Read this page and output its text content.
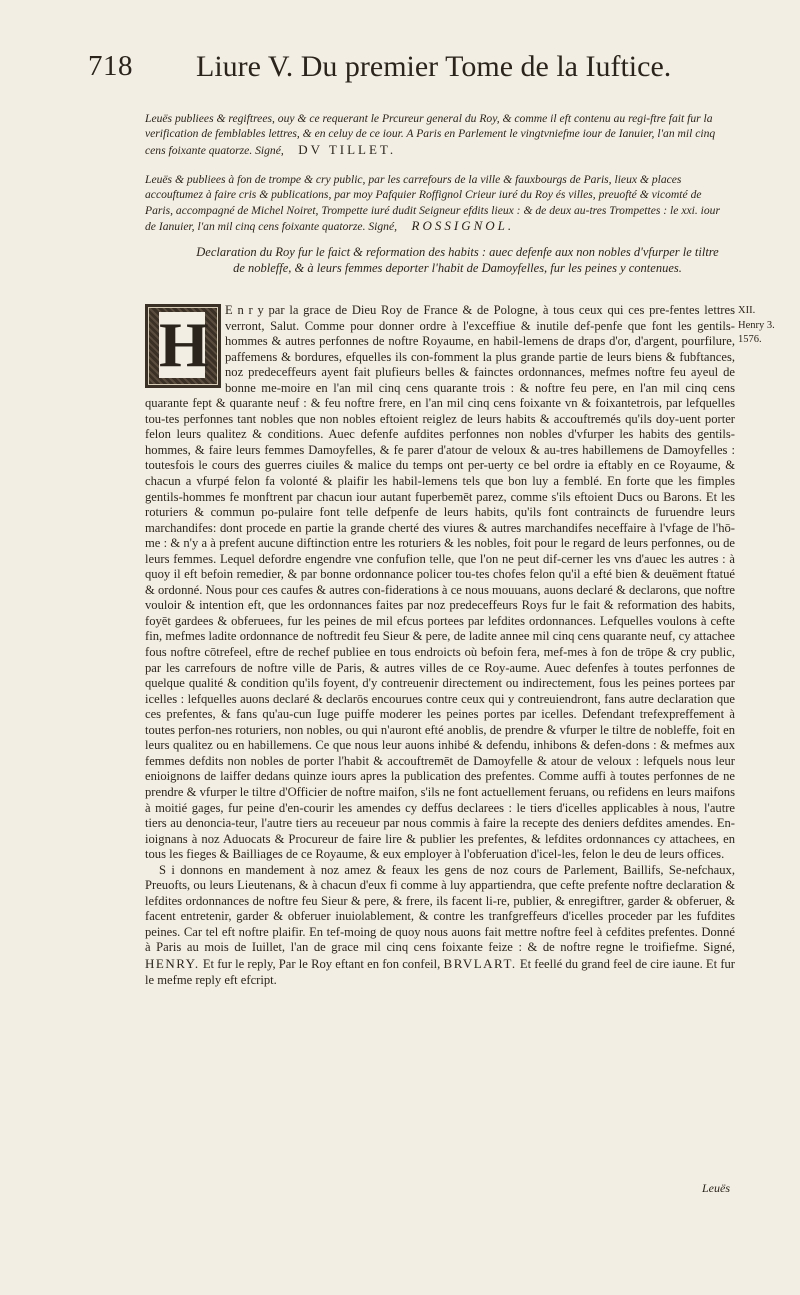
718 Liure V. Du premier Tome de la Iuftice.

Leuës publiees & regiftrees, ouy & ce requerant le Prcureur general du Roy, & comme il eft contenu au regi-ftre fait fur la verification de femblables lettres, & en celuy de ce iour. A Paris en Parlement le vingtvniefme iour de Ianuier, l'an mil cinq cens foixante quatorze. Signé, DV TILLET.

Leuës & publiees à fon de trompe & cry public, par les carrefours de la ville & fauxbourgs de Paris, lieux & places accouftumez à faire cris & publications, par moy Pafquier Roffignol Crieur iuré du Roy és villes, preuofté & vicomté de Paris, accompagné de Michel Noiret, Trompette iuré dudit Seigneur efdits lieux : & de deux au-tres Trompettes : le xxi. iour de Ianuier, l'an mil cinq cens foixante quatorze. Signé, ROSSIGNOL.

Declaration du Roy fur le faict & reformation des habits : auec defenfe aux non nobles d'vfurper le tiltre de nobleffe, & à leurs femmes deporter l'habit de Damoyfelles, fur les peines y contenues.
XII.
Henry 3.
1576.
H	E n r y par la grace de Dieu Roy de France & de Pologne, à tous ceux qui ces pre-fentes lettres verront, Salut. Comme pour donner ordre à l'exceffiue & inutile def-penfe que font les gentils-hommes & autres perfonnes de noftre Royaume, en habil-lemens de draps d'or, d'argent, pourfilure, paffemens & bordures, efquelles ils con-fomment la plus grande partie de leurs biens & fubftances, noz predeceffeurs ayent fait plufieurs belles & fainctes ordonnances, mefmes noftre feu ayeul de bonne me-moire en l'an mil cinq cens quarante trois : & noftre feu pere, en l'an mil cinq cens quarante fept & quarante neuf : & feu noftre frere, en l'an mil cinq cens foixante vn & foixantetrois, par lefquelles tou-tes perfonnes tant nobles que non nobles eftoient reiglez de leurs habits & accouftremés qu'ils doy-uent porter felon leurs qualitez & conditions. Auec defenfe aufdites perfonnes non nobles d'vfurper les habits des gentils-hommes, & faire leurs femmes Damoyfelles, & fe parer d'atour de veloux & au-tres habillemens de Damoyfelles : toutesfois le cours des guerres ciuiles & malice du temps ont per-uerty ce bel ordre ia eftably en ce Royaume, & chacun a vfurpé felon fa volonté & plaifir les habil-lemens tels que bon luy a femblé. En forte que les fimples gentils-hommes fe monftrent par chacun iour autant fuperbemēt parez, comme s'ils eftoient Ducs ou Barons. Et les roturiers & commun po-pulaire font telle defpenfe de leurs habits, qu'ils font contraincts de furuendre leurs marchandifes: dont procede en partie la grande cherté des viures & autres marchandifes neceffaire à l'vfage de l'hō-me : & n'y a à prefent aucune diftinction entre les roturiers & les nobles, foit pour le regard de leurs perfonnes, ou de leurs femmes. Lequel defordre engendre vne confufion telle, que l'on ne peut dif-cerner les vns d'auec les autres : à quoy il eft befoin remedier, & par bonne ordonnance policer tou-tes chofes felon qu'il a efté bien & deuëment ftatué & ordonné. Nous pour ces caufes & autres con-fiderations à ce nous mouuans, auons declaré & declarons, que noftre vouloir & intention eft, que les ordonnances faites par noz predeceffeurs Roys fur le fait & reformation des habits, foyēt gardees & obferuees, fur les peines de mil efcus portees par lefdites ordonnances. Lefquelles voulons à cefte fin, mefmes ladite ordonnance de noftredit feu Sieur & pere, de ladite annee mil cinq cens quarante neuf, cy attachee fous noftre cōtrefeel, eftre de rechef publiee en tous endroicts où befoin fera, mef-mes à fon de trōpe & cry public, par les carrefours de noftre ville de Paris, & autres villes de ce Roy-aume. Auec defenfes à toutes perfonnes de quelque qualité & condition qu'ils foyent, d'y contreuenir directement ou indirectement, fous les peines portees par icelles : lefquelles auons declaré & declarōs encourues contre ceux qui y contreuiendront, fans autre declaration que ces prefentes, & fans qu'au-cun Iuge puiffe moderer les peines portes par icelles. Defendant trefexpreffement à toutes perfon-nes roturiers, non nobles, ou qui n'auront efté anoblis, de prendre & vfurper le tiltre de nobleffe, foit en leurs qualitez ou en habillemens. Ce que nous leur auons inhibé & defendu, inhibons & defen-dons : & mefmes aux femmes defdits non nobles de porter l'habit & accouftremēt de Damoyfelle & atour de veloux : lefquels nous leur enioignons de laiffer dedans quinze iours apres la publication des prefentes. Comme auffi à toutes perfonnes de ne prendre & vfurper le tiltre d'Officier de noftre maifon, s'ils ne font actuellement feruans, ou refidens en leurs maifons à moitié gages, fur peine d'en-courir les amendes cy deffus declarees : le tiers d'icelles applicables à nous, l'autre tiers au denoncia-teur, l'autre tiers au receueur par nous commis à faire la recepte des deniers defdites amendes. En-ioignans à noz Aduocats & Procureur de faire lire & publier les prefentes, & lefdites ordonnances cy attachees, en tous les fieges & Bailliages de ce Royaume, & eux employer à l'obferuation d'icel-les, felon le deu de leurs offices.

S i donnons en mandement à noz amez & feaux les gens de noz cours de Parlement, Baillifs, Se-nefchaux, Preuofts, ou leurs Lieutenans, & à chacun d'eux fi comme à luy appartiendra, que cefte prefente noftre declaration & lefdites ordonnances de noftre feu Sieur & pere, & frere, ils facent li-re, publier, & enregiftrer, garder & obferuer, & facent entretenir, garder & obferuer inuiolablement, & contre les tranfgreffeurs d'icelles proceder par les fufdites peines. Car tel eft noftre plaifir. En tef-moing de quoy nous auons fait mettre noftre feel à cefdites prefentes. Donné à Paris au mois de Iuillet, l'an de grace mil cinq cens foixante feize : & de noftre regne le troifiefme. Signé, HENRY. Et fur le reply, Par le Roy eftant en fon confeil, BRVLART. Et feellé du grand feel de cire iaune. Et fur le mefme reply eft efcript.

Leuës
